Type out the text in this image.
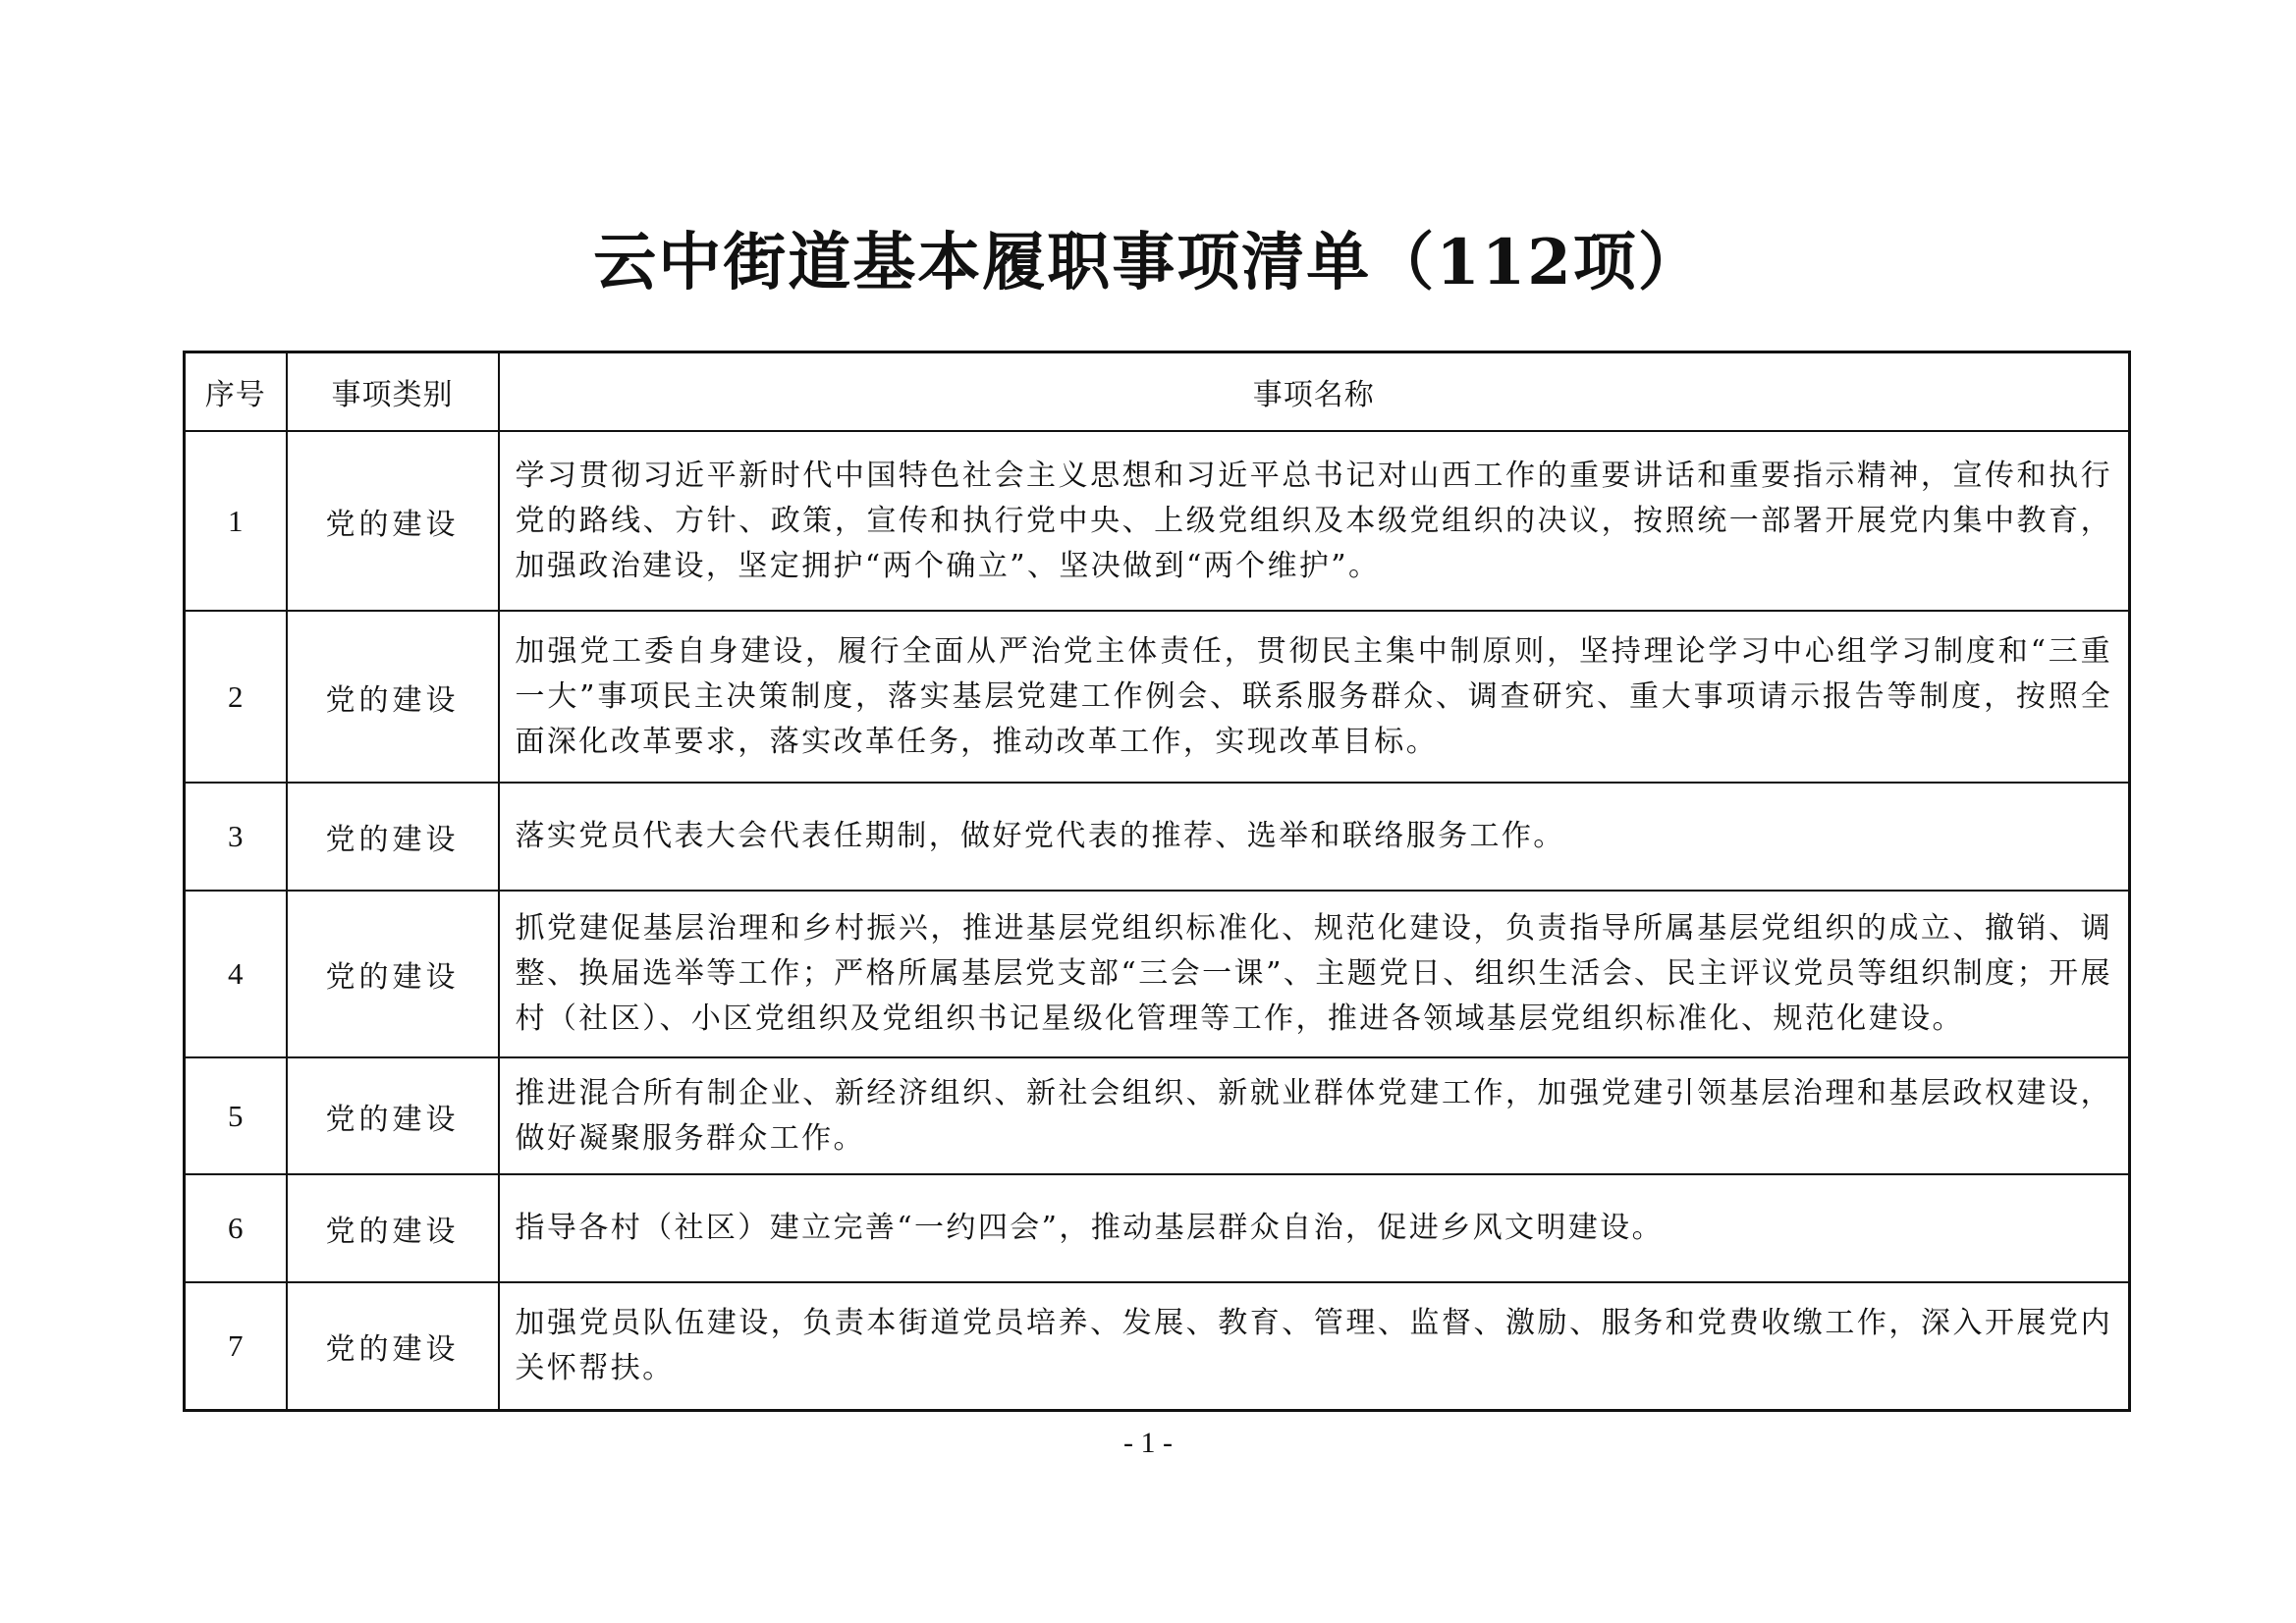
云中街道基本履职事项清单（112项）
序号	事项类别	事项名称
1	党的建设	学习贯彻习近平新时代中国特色社会主义思想和习近平总书记对山西工作的重要讲话和重要指示精神，宣传和执行党的路线、方针、政策，宣传和执行党中央、上级党组织及本级党组织的决议，按照统一部署开展党内集中教育，加强政治建设，坚定拥护“两个确立”、坚决做到“两个维护”。
2	党的建设	加强党工委自身建设，履行全面从严治党主体责任，贯彻民主集中制原则，坚持理论学习中心组学习制度和“三重一大”事项民主决策制度，落实基层党建工作例会、联系服务群众、调查研究、重大事项请示报告等制度，按照全面深化改革要求，落实改革任务，推动改革工作，实现改革目标。
3	党的建设	落实党员代表大会代表任期制，做好党代表的推荐、选举和联络服务工作。
4	党的建设	抓党建促基层治理和乡村振兴，推进基层党组织标准化、规范化建设，负责指导所属基层党组织的成立、撤销、调整、换届选举等工作；严格所属基层党支部“三会一课”、主题党日、组织生活会、民主评议党员等组织制度；开展村（社区）、小区党组织及党组织书记星级化管理等工作，推进各领域基层党组织标准化、规范化建设。
5	党的建设	推进混合所有制企业、新经济组织、新社会组织、新就业群体党建工作，加强党建引领基层治理和基层政权建设，做好凝聚服务群众工作。
6	党的建设	指导各村（社区）建立完善“一约四会”，推动基层群众自治，促进乡风文明建设。
7	党的建设	加强党员队伍建设，负责本街道党员培养、发展、教育、管理、监督、激励、服务和党费收缴工作，深入开展党内关怀帮扶。
- 1 -
